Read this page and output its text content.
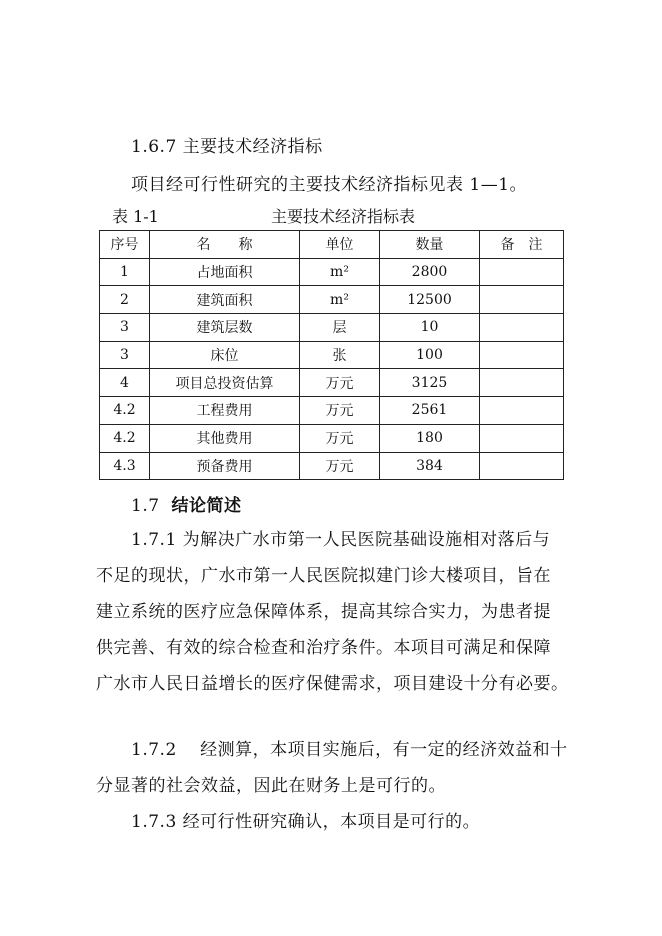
1.6.7 主要技术经济指标
项目经可行性研究的主要技术经济指标见表 1—1。
表 1-1	主要技术经济指标表
序号	名　　称	单位	数量	备　注
1	占地面积	m²	2800	
2	建筑面积	m²	12500	
3	建筑层数	层	10	
3	床位	张	100	
4	项目总投资估算	万元	3125	
4.2	工程费用	万元	2561	
4.2	其他费用	万元	180	
4.3	预备费用	万元	384	
1.7 结论简述
1.7.1 为解决广水市第一人民医院基础设施相对落后与
不足的现状，广水市第一人民医院拟建门诊大楼项目，旨在
建立系统的医疗应急保障体系，提高其综合实力，为患者提
供完善、有效的综合检查和治疗条件。本项目可满足和保障
广水市人民日益增长的医疗保健需求，项目建设十分有必要。
1.7.2　 经测算，本项目实施后，有一定的经济效益和十
分显著的社会效益，因此在财务上是可行的。
1.7.3 经可行性研究确认，本项目是可行的。
